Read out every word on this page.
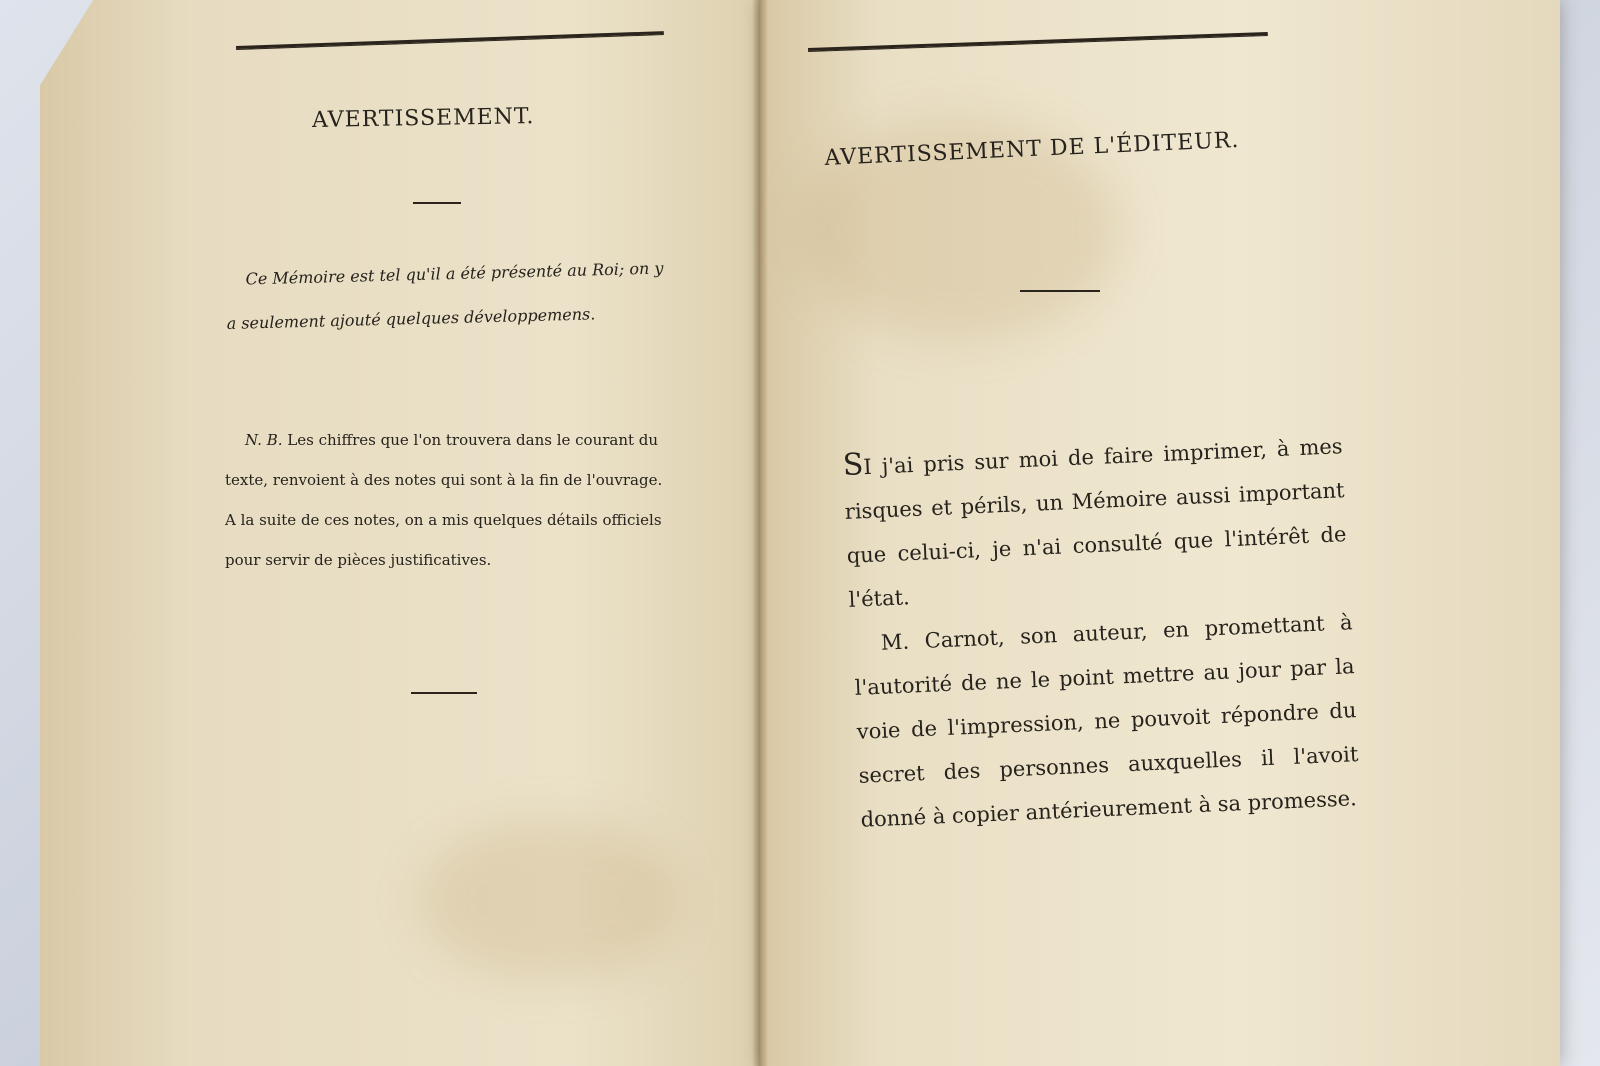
AVERTISSEMENT.

Ce Mémoire est tel qu'il a été présenté au Roi; on y a seulement ajouté quelques développemens.

N. B. Les chiffres que l'on trouvera dans le courant du texte, renvoient à des notes qui sont à la fin de l'ouvrage. A la suite de ces notes, on a mis quelques détails officiels pour servir de pièces justificatives.

AVERTISSEMENT DE L'ÉDITEUR.

SI j'ai pris sur moi de faire imprimer, à mes risques et périls, un Mémoire aussi important que celui-ci, je n'ai consulté que l'intérêt de l'état.

M. Carnot, son auteur, en promettant à l'autorité de ne le point mettre au jour par la voie de l'impression, ne pouvoit répondre du secret des personnes auxquelles il l'avoit donné à copier antérieurement à sa promesse.
